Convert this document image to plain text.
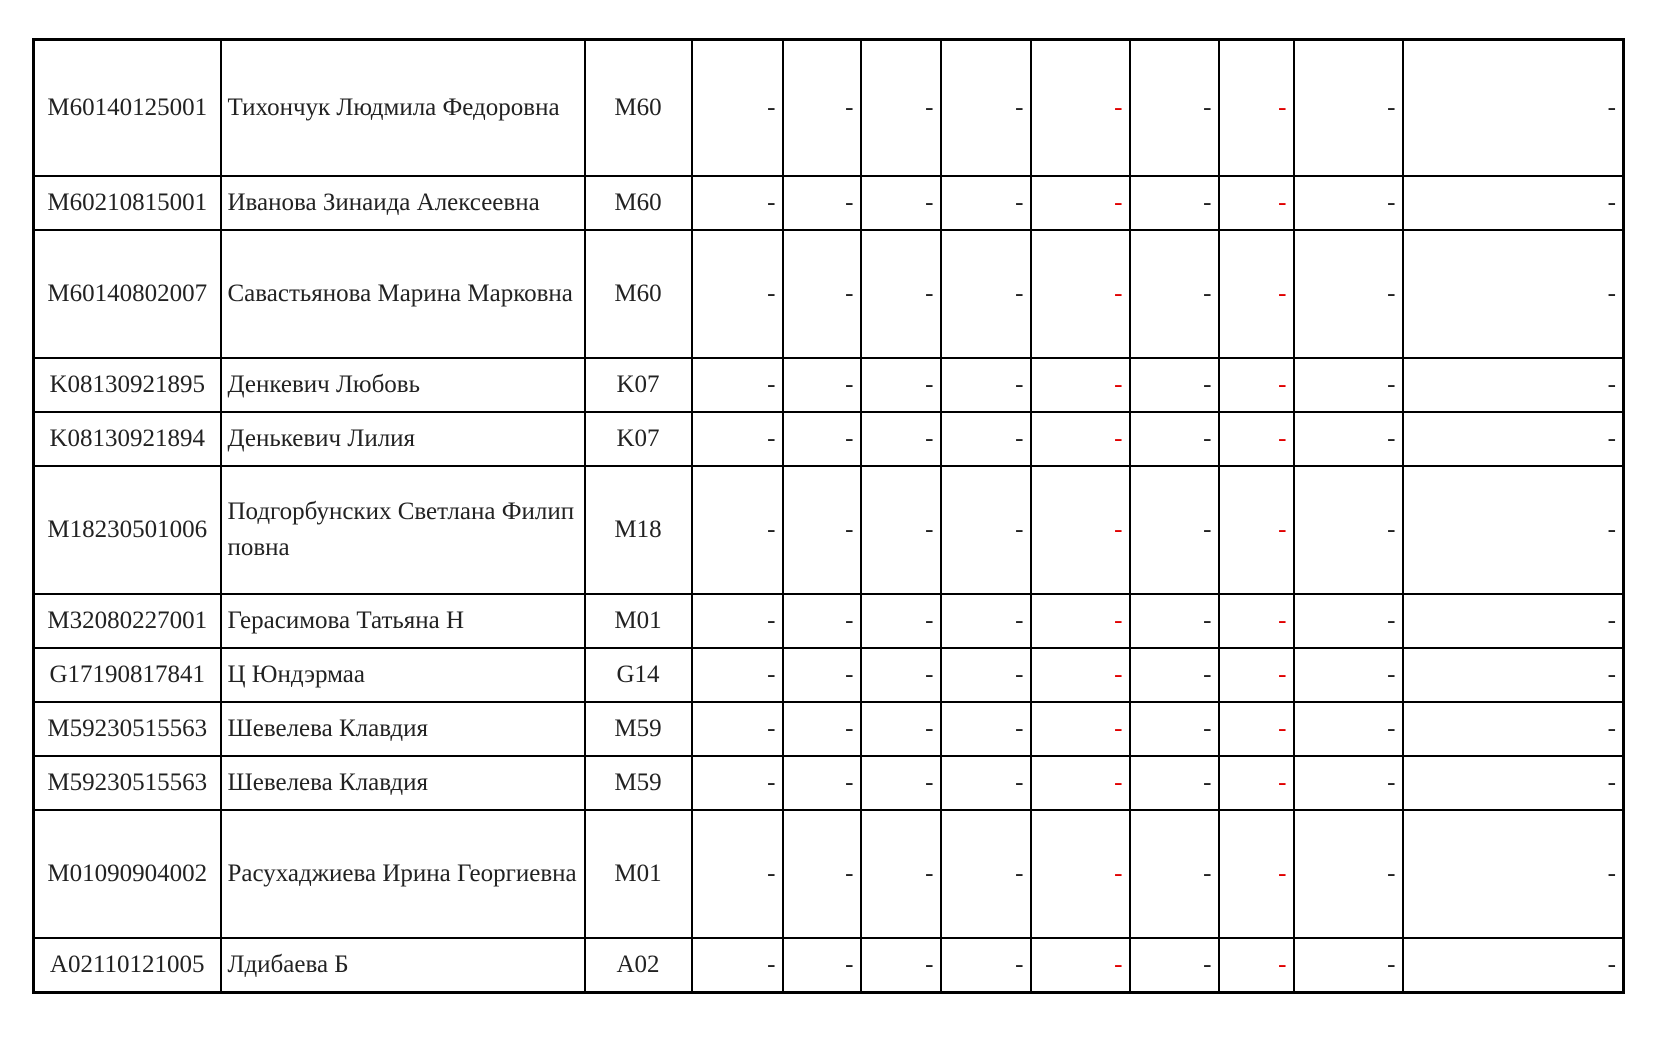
M60140125001	Тихончук Людмила Федоровна	M60	-	-	-	-	-	-	-	-	-
M60210815001	Иванова Зинаида Алексеевна	M60	-	-	-	-	-	-	-	-	-
M60140802007	Савастьянова Марина Марковна	M60	-	-	-	-	-	-	-	-	-
K08130921895	Денкевич Любовь	K07	-	-	-	-	-	-	-	-	-
K08130921894	Денькевич Лилия	K07	-	-	-	-	-	-	-	-	-
M18230501006	Подгорбунских Светлана Филипповна	M18	-	-	-	-	-	-	-	-	-
M32080227001	Герасимова Татьяна Н	M01	-	-	-	-	-	-	-	-	-
G17190817841	Ц Юндэрмаа	G14	-	-	-	-	-	-	-	-	-
M59230515563	Шевелева Клавдия	M59	-	-	-	-	-	-	-	-	-
M59230515563	Шевелева Клавдия	M59	-	-	-	-	-	-	-	-	-
M01090904002	Расухаджиева Ирина Георгиевна	M01	-	-	-	-	-	-	-	-	-
A02110121005	Лдибаева Б	A02	-	-	-	-	-	-	-	-	-
